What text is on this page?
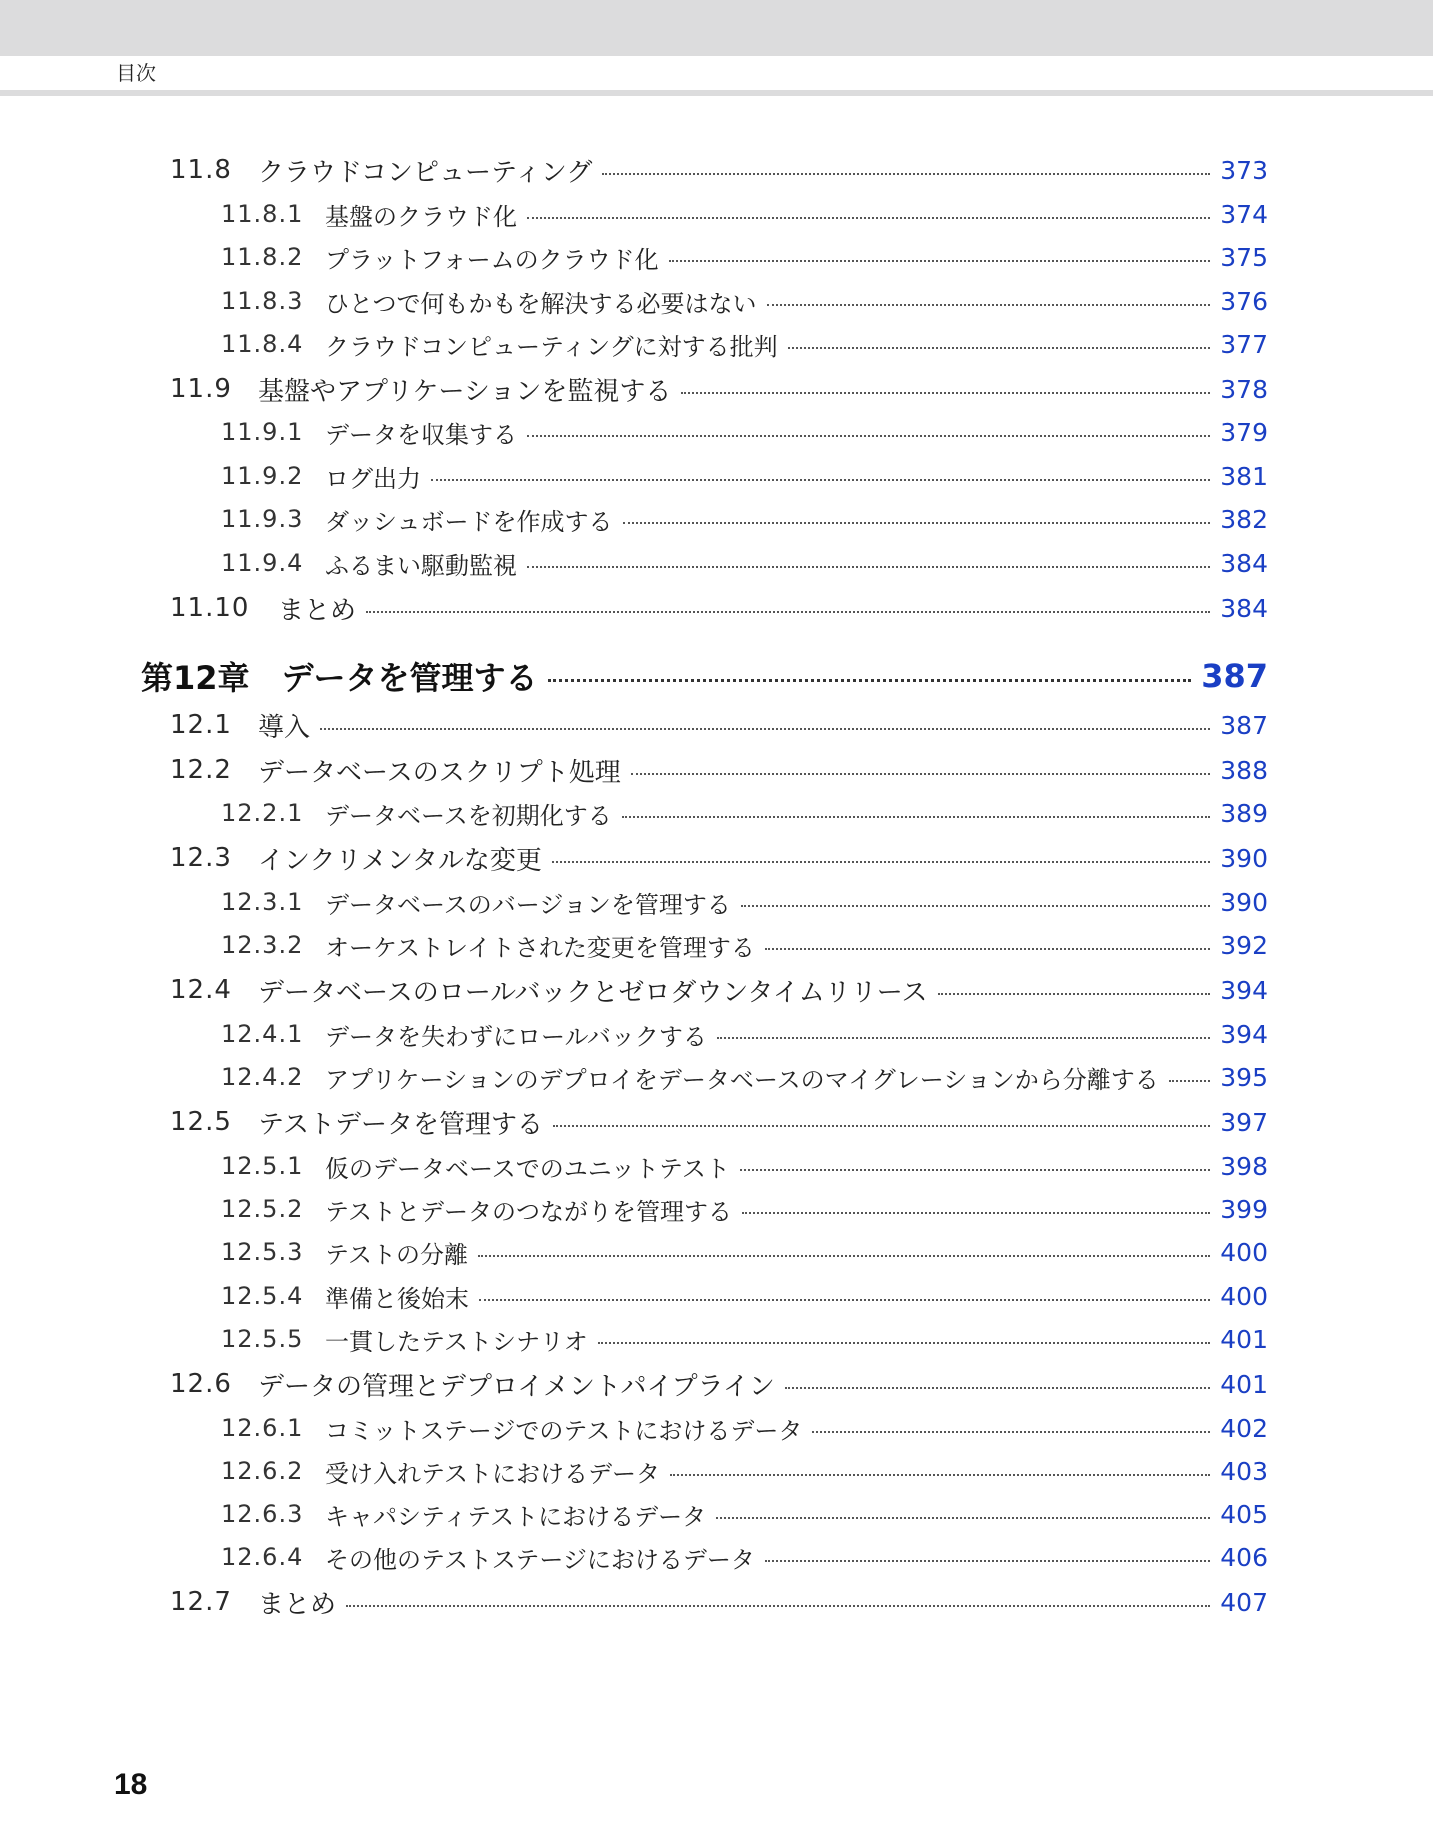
目次
11.8	クラウドコンピューティング	373
11.8.1 基盤のクラウド化	374
11.8.2 プラットフォームのクラウド化	375
11.8.3 ひとつで何もかもを解決する必要はない	376
11.8.4 クラウドコンピューティングに対する批判	377
11.9	基盤やアプリケーションを監視する	378
11.9.1 データを収集する	379
11.9.2 ログ出力	381
11.9.3 ダッシュボードを作成する	382
11.9.4 ふるまい駆動監視	384
11.10	まとめ	384
第12章 データを管理する	387
12.1	導入	387
12.2	データベースのスクリプト処理	388
12.2.1 データベースを初期化する	389
12.3	インクリメンタルな変更	390
12.3.1 データベースのバージョンを管理する	390
12.3.2 オーケストレイトされた変更を管理する	392
12.4	データベースのロールバックとゼロダウンタイムリリース	394
12.4.1 データを失わずにロールバックする	394
12.4.2 アプリケーションのデプロイをデータベースのマイグレーションから分離する 395
12.5	テストデータを管理する	397
12.5.1 仮のデータベースでのユニットテスト	398
12.5.2 テストとデータのつながりを管理する	399
12.5.3 テストの分離	400
12.5.4 準備と後始末	400
12.5.5 一貫したテストシナリオ	401
12.6	データの管理とデプロイメントパイプライン	401
12.6.1 コミットステージでのテストにおけるデータ	402
12.6.2 受け入れテストにおけるデータ	403
12.6.3 キャパシティテストにおけるデータ	405
12.6.4 その他のテストステージにおけるデータ	406
12.7	まとめ	407
18
